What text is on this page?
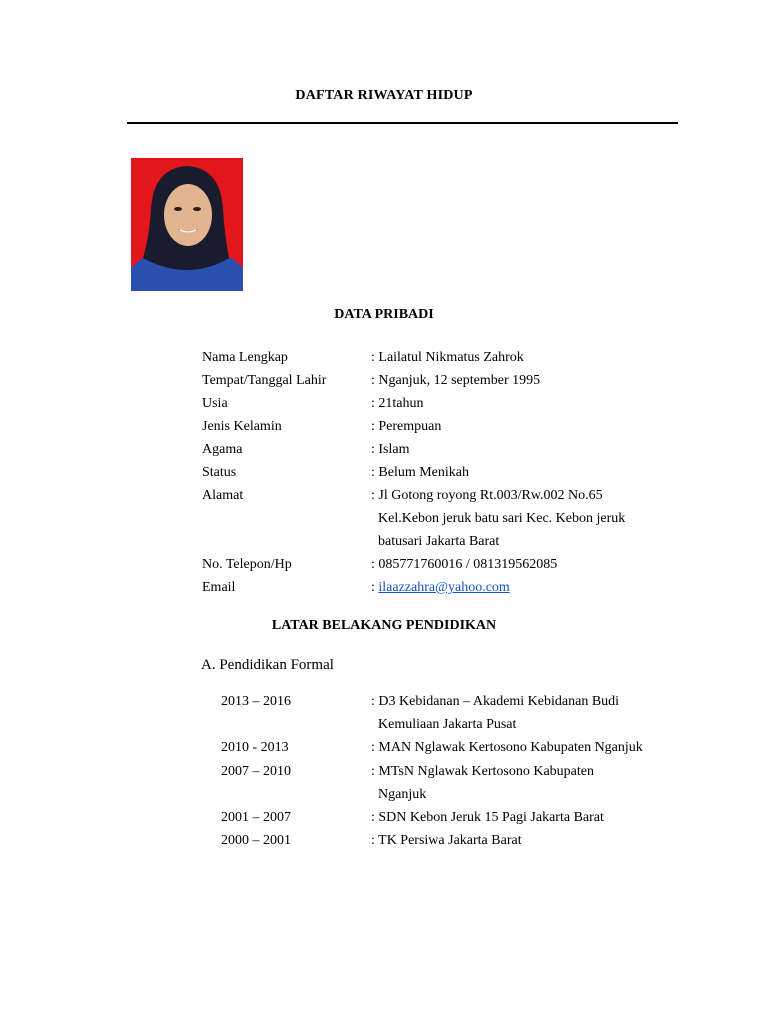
DAFTAR RIWAYAT HIDUP
DATA PRIBADI
Nama Lengkap	: Lailatul Nikmatus Zahrok
Tempat/Tanggal Lahir	: Nganjuk, 12 september 1995
Usia	: 21tahun
Jenis Kelamin	: Perempuan
Agama	: Islam
Status	: Belum Menikah
Alamat	: Jl Gotong royong Rt.003/Rw.002 No.65
Kel.Kebon jeruk batu sari Kec. Kebon jeruk
batusari Jakarta Barat
No. Telepon/Hp	: 085771760016 / 081319562085
Email	: ilaazzahra@yahoo.com
LATAR BELAKANG PENDIDIKAN
A. Pendidikan Formal
2013 – 2016	: D3 Kebidanan – Akademi Kebidanan Budi
Kemuliaan Jakarta Pusat
2010 - 2013	: MAN Nglawak Kertosono Kabupaten Nganjuk
2007 – 2010	: MTsN Nglawak Kertosono Kabupaten
Nganjuk
2001 – 2007	: SDN Kebon Jeruk 15 Pagi Jakarta Barat
2000 – 2001	: TK Persiwa Jakarta Barat
